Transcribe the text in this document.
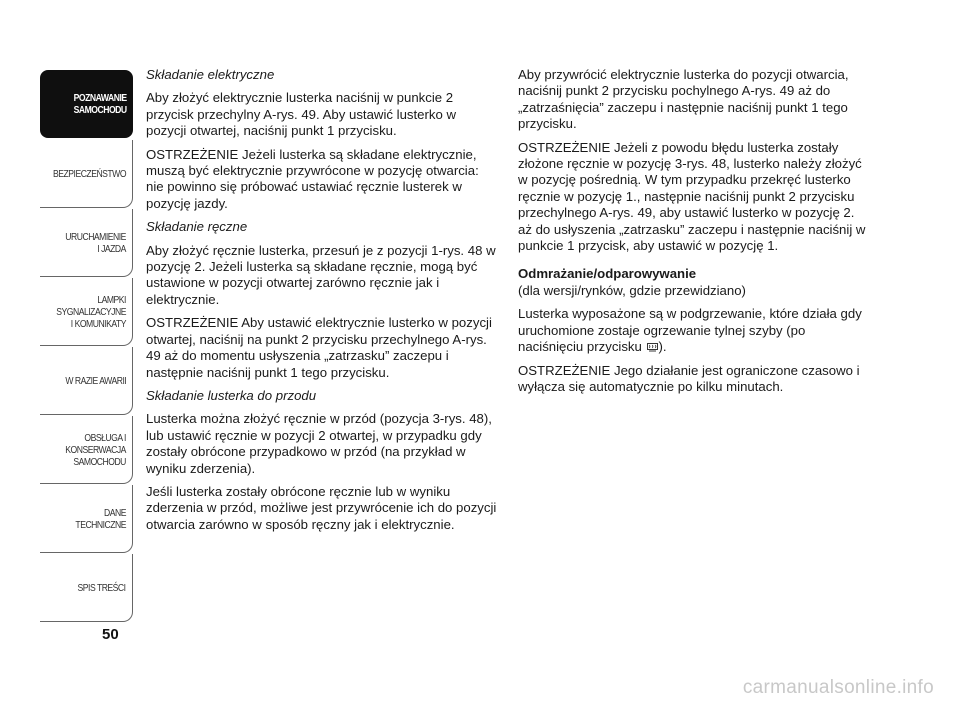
POZNAWANIE
SAMOCHODU
BEZPIECZEŃSTWO
URUCHAMIENIE
I JAZDA
LAMPKI
SYGNALIZACYJNE
I KOMUNIKATY
W RAZIE AWARII
OBSŁUGA I
KONSERWACJA
SAMOCHODU
DANE TECHNICZNE
SPIS TREŚCI
50

Składanie elektryczne

Aby złożyć elektrycznie lusterka naciśnij w punkcie 2 przycisk przechylny A-rys. 49. Aby ustawić lusterko w pozycji otwartej, naciśnij punkt 1 przycisku.

OSTRZEŻENIE Jeżeli lusterka są składane elektrycznie, muszą być elektrycznie przywrócone w pozycję otwarcia: nie powinno się próbować ustawiać ręcznie lusterek w pozycję jazdy.

Składanie ręczne

Aby złożyć ręcznie lusterka, przesuń je z pozycji 1-rys. 48 w pozycję 2. Jeżeli lusterka są składane ręcznie, mogą być ustawione w pozycji otwartej zarówno ręcznie jak i elektrycznie.

OSTRZEŻENIE Aby ustawić elektrycznie lusterko w pozycji otwartej, naciśnij na punkt 2 przycisku przechylnego A-rys. 49 aż do momentu usłyszenia „zatrzasku” zaczepu i następnie naciśnij punkt 1 tego przycisku.

Składanie lusterka do przodu

Lusterka można złożyć ręcznie w przód (pozycja 3-rys. 48), lub ustawić ręcznie w pozycji 2 otwartej, w przypadku gdy zostały obrócone przypadkowo w przód (na przykład w wyniku zderzenia).

Jeśli lusterka zostały obrócone ręcznie lub w wyniku zderzenia w przód, możliwe jest przywrócenie ich do pozycji otwarcia zarówno w sposób ręczny jak i elektrycznie.

Aby przywrócić elektrycznie lusterka do pozycji otwarcia, naciśnij punkt 2 przycisku pochylnego A-rys. 49 aż do „zatrzaśnięcia” zaczepu i następnie naciśnij punkt 1 tego przycisku.

OSTRZEŻENIE Jeżeli z powodu błędu lusterka zostały złożone ręcznie w pozycję 3-rys. 48, lusterko należy złożyć w pozycję pośrednią. W tym przypadku przekręć lusterko ręcznie w pozycję 1., następnie naciśnij punkt 2 przycisku przechylnego A-rys. 49, aby ustawić lusterko w pozycję 2. aż do usłyszenia „zatrzasku” zaczepu i następnie naciśnij w punkcie 1 przycisk, aby ustawić w pozycję 1.

Odmrażanie/odparowywanie

(dla wersji/rynków, gdzie przewidziano)

Lusterka wyposażone są w podgrzewanie, które działa gdy uruchomione zostaje ogrzewanie tylnej szyby (po naciśnięciu przycisku ).

OSTRZEŻENIE Jego działanie jest ograniczone czasowo i wyłącza się automatycznie po kilku minutach.

carmanualsonline.info
